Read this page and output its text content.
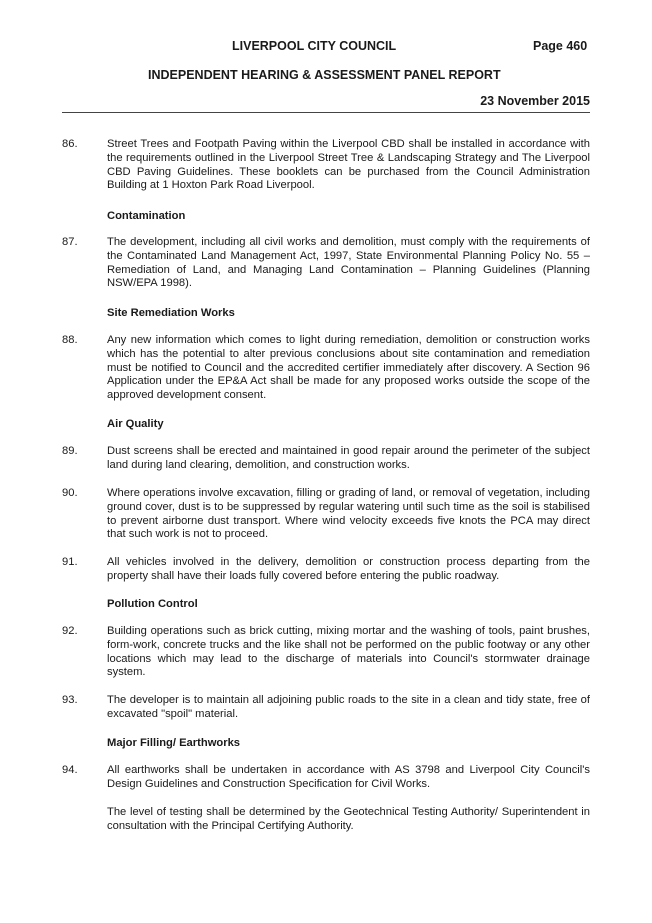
LIVERPOOL CITY COUNCIL	Page 460
INDEPENDENT HEARING & ASSESSMENT PANEL REPORT
23 November 2015
86.	Street Trees and Footpath Paving within the Liverpool CBD shall be installed in accordance with the requirements outlined in the Liverpool Street Tree & Landscaping Strategy and The Liverpool CBD Paving Guidelines. These booklets can be purchased from the Council Administration Building at 1 Hoxton Park Road Liverpool.
Contamination
87.	The development, including all civil works and demolition, must comply with the requirements of the Contaminated Land Management Act, 1997, State Environmental Planning Policy No. 55 – Remediation of Land, and Managing Land Contamination – Planning Guidelines (Planning NSW/EPA 1998).
Site Remediation Works
88.	Any new information which comes to light during remediation, demolition or construction works which has the potential to alter previous conclusions about site contamination and remediation must be notified to Council and the accredited certifier immediately after discovery. A Section 96 Application under the EP&A Act shall be made for any proposed works outside the scope of the approved development consent.
Air Quality
89.	Dust screens shall be erected and maintained in good repair around the perimeter of the subject land during land clearing, demolition, and construction works.
90.	Where operations involve excavation, filling or grading of land, or removal of vegetation, including ground cover, dust is to be suppressed by regular watering until such time as the soil is stabilised to prevent airborne dust transport. Where wind velocity exceeds five knots the PCA may direct that such work is not to proceed.
91.	All vehicles involved in the delivery, demolition or construction process departing from the property shall have their loads fully covered before entering the public roadway.
Pollution Control
92.	Building operations such as brick cutting, mixing mortar and the washing of tools, paint brushes, form-work, concrete trucks and the like shall not be performed on the public footway or any other locations which may lead to the discharge of materials into Council's stormwater drainage system.
93.	The developer is to maintain all adjoining public roads to the site in a clean and tidy state, free of excavated "spoil" material.
Major Filling/ Earthworks
94.	All earthworks shall be undertaken in accordance with AS 3798 and Liverpool City Council's Design Guidelines and Construction Specification for Civil Works.
The level of testing shall be determined by the Geotechnical Testing Authority/ Superintendent in consultation with the Principal Certifying Authority.
